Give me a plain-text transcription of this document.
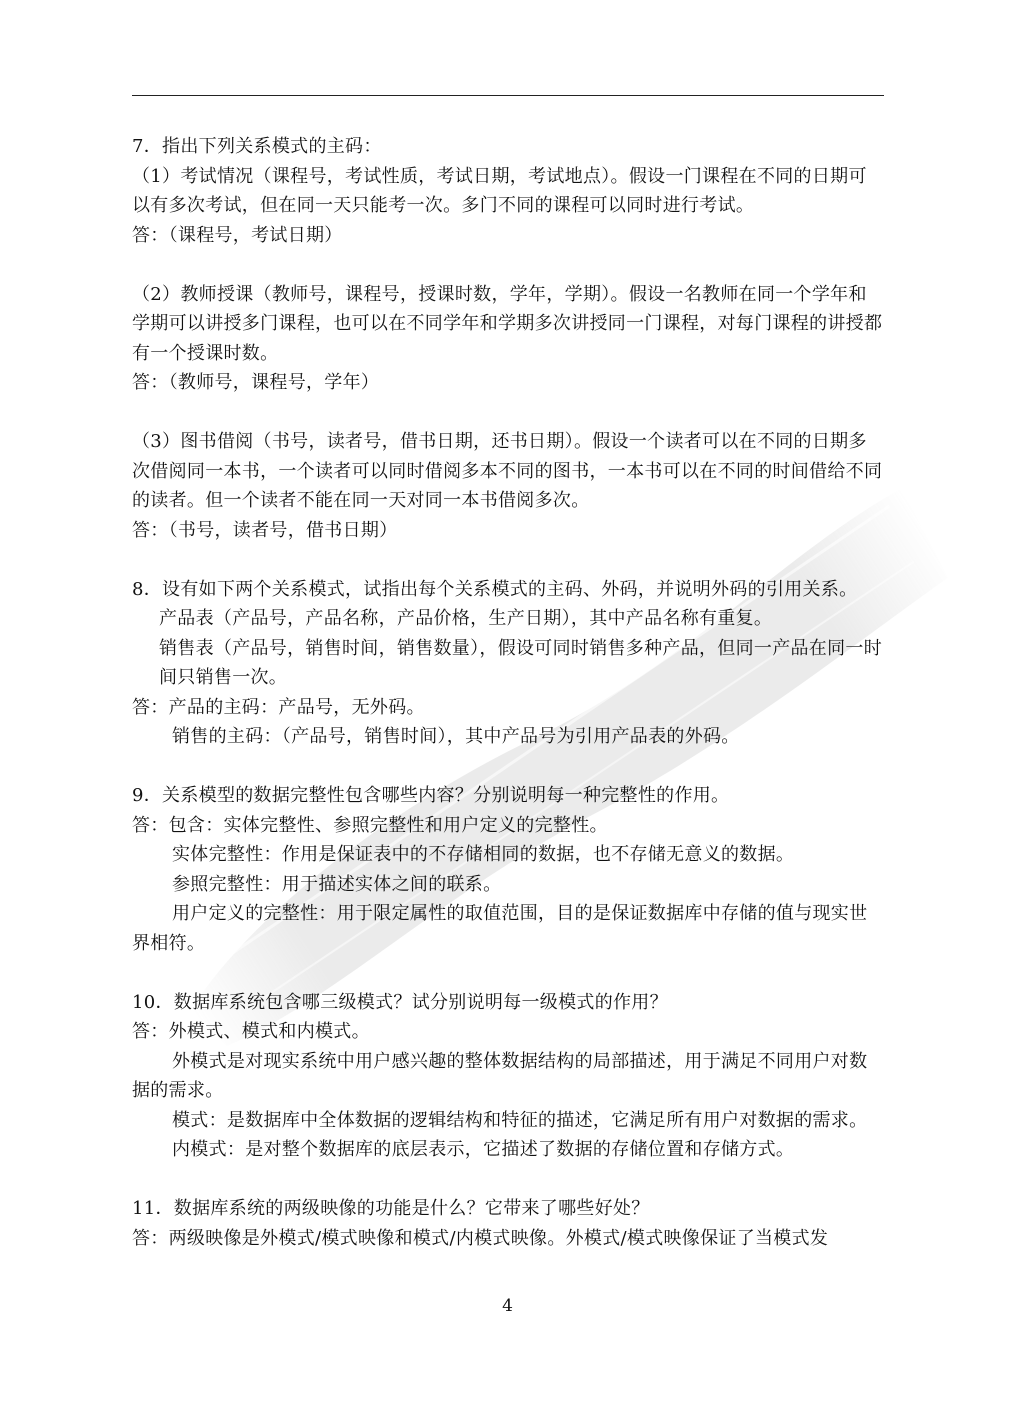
7．指出下列关系模式的主码：

（1）考试情况（课程号，考试性质，考试日期，考试地点）。假设一门课程在不同的日期可以有多次考试，但在同一天只能考一次。多门不同的课程可以同时进行考试。

答：（课程号，考试日期）

（2）教师授课（教师号，课程号，授课时数，学年，学期）。假设一名教师在同一个学年和学期可以讲授多门课程，也可以在不同学年和学期多次讲授同一门课程，对每门课程的讲授都有一个授课时数。

答：（教师号，课程号，学年）

（3）图书借阅（书号，读者号，借书日期，还书日期）。假设一个读者可以在不同的日期多次借阅同一本书，一个读者可以同时借阅多本不同的图书，一本书可以在不同的时间借给不同的读者。但一个读者不能在同一天对同一本书借阅多次。

答：（书号，读者号，借书日期）

8．设有如下两个关系模式，试指出每个关系模式的主码、外码，并说明外码的引用关系。

产品表（产品号，产品名称，产品价格，生产日期），其中产品名称有重复。

销售表（产品号，销售时间，销售数量），假设可同时销售多种产品，但同一产品在同一时间只销售一次。

答：产品的主码：产品号，无外码。

销售的主码：（产品号，销售时间），其中产品号为引用产品表的外码。

9．关系模型的数据完整性包含哪些内容？分别说明每一种完整性的作用。

答：包含：实体完整性、参照完整性和用户定义的完整性。

实体完整性：作用是保证表中的不存储相同的数据，也不存储无意义的数据。

参照完整性：用于描述实体之间的联系。

用户定义的完整性：用于限定属性的取值范围，目的是保证数据库中存储的值与现实世界相符。

10．数据库系统包含哪三级模式？试分别说明每一级模式的作用？

答：外模式、模式和内模式。

外模式是对现实系统中用户感兴趣的整体数据结构的局部描述，用于满足不同用户对数据的需求。

模式：是数据库中全体数据的逻辑结构和特征的描述，它满足所有用户对数据的需求。

内模式：是对整个数据库的底层表示，它描述了数据的存储位置和存储方式。

11．数据库系统的两级映像的功能是什么？它带来了哪些好处？

答：两级映像是外模式/模式映像和模式/内模式映像。外模式/模式映像保证了当模式发

4
